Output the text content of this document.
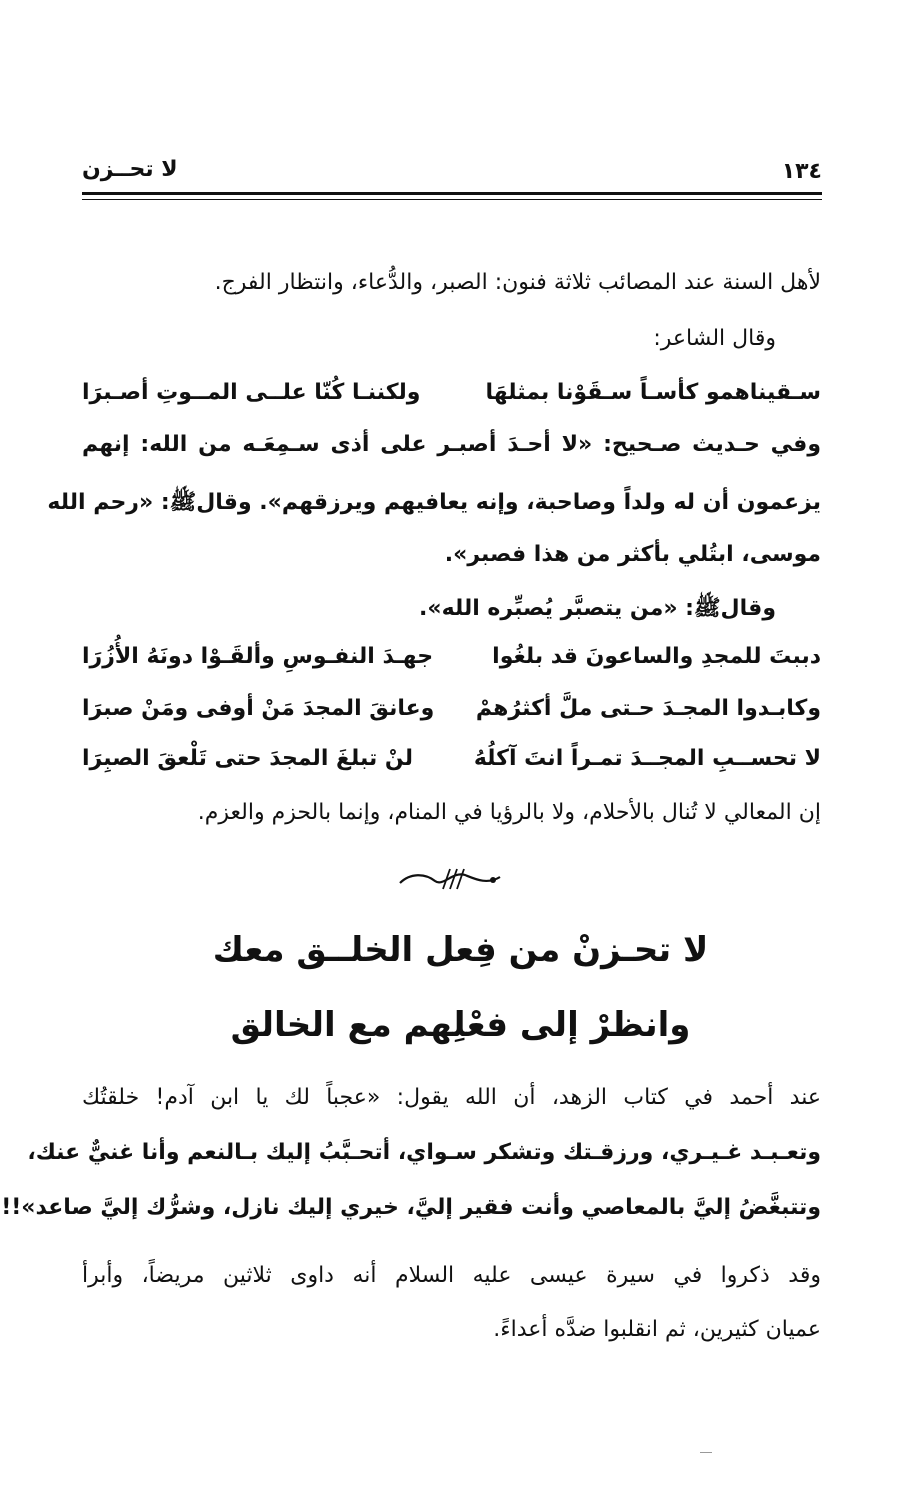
١٣٤
لا تحــزن
لأهل السنة عند المصائب ثلاثة فنون: الصبر، والدُّعاء، وانتظار الفرج.
وقال الشاعر:
سـقيناهمو كأسـاً سـقَوْنا بمثلهَا
ولكننـا كُنّا علــى المــوتِ أصـبرَا
وفي حـديث صـحيح: «لا أحـدَ أصبـر على أذى سـمِعَـه من الله: إنهم
يزعمون أن له ولداً وصاحبة، وإنه يعافيهم ويرزقهم». وقالﷺ: «رحم الله
موسى، ابتُلي بأكثر من هذا فصبر».
وقالﷺ: «من يتصبَّر يُصبِّره الله».
دببتَ للمجدِ والساعونَ قد بلغُوا
جهـدَ النفـوسِ وألقَـوْا دونَهُ الأُزُرَا
وكابـدوا المجـدَ حـتى ملَّ أكثرُهمْ
وعانقَ المجدَ مَنْ أوفى ومَنْ صبرَا
لا تحســبِ المجــدَ تمـراً انتَ آكلُهُ
لنْ تبلغَ المجدَ حتى تَلْعقَ الصبِرَا
إن المعالي لا تُنال بالأحلام، ولا بالرؤيا في المنام، وإنما بالحزم والعزم.
لا تحـزنْ من فِعل الخلــق معك
وانظرْ إلى فعْلِهم مع الخالق
عند أحمد في كتاب الزهد، أن الله يقول: «عجباً لك يا ابن آدم! خلقتُك
وتعـبـد غـيـري، ورزقـتك وتشكر سـواي، أتحـبَّبُ إليك بـالنعم وأنا غنيٌّ عنك،
وتتبغَّضُ إليَّ بالمعاصي وأنت فقير إليَّ، خيري إليك نازل، وشرُّك إليَّ صاعد»!!
وقد ذكروا في سيرة عيسى عليه السلام أنه داوى ثلاثين مريضاً، وأبرأ
عميان كثيرين، ثم انقلبوا ضدَّه أعداءً.
